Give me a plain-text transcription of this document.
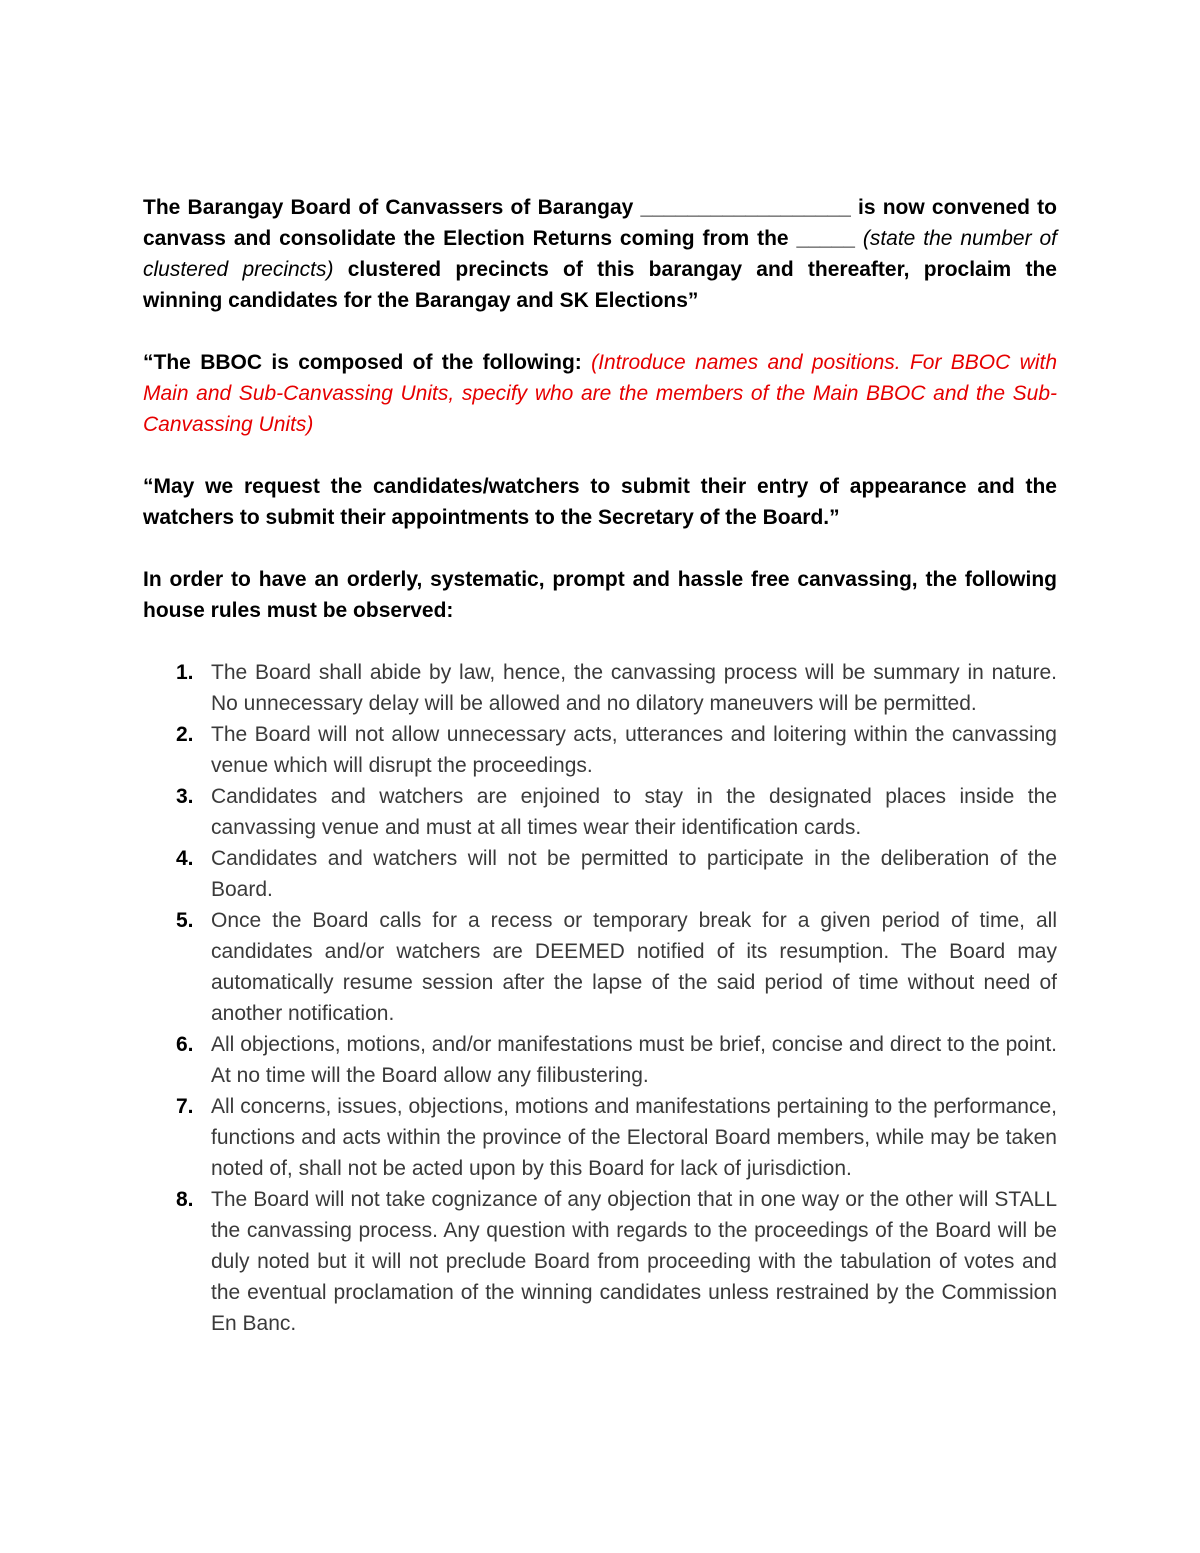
The Barangay Board of Canvassers of Barangay __________________ is now convened to canvass and consolidate the Election Returns coming from the _____ (state the number of clustered precincts) clustered precincts of this barangay and thereafter, proclaim the winning candidates for the Barangay and SK Elections”

“The BBOC is composed of the following: (Introduce names and positions. For BBOC with Main and Sub-Canvassing Units, specify who are the members of the Main BBOC and the Sub-Canvassing Units)

“May we request the candidates/watchers to submit their entry of appearance and the watchers to submit their appointments to the Secretary of the Board.”

In order to have an orderly, systematic, prompt and hassle free canvassing, the following house rules must be observed:

1. The Board shall abide by law, hence, the canvassing process will be summary in nature. No unnecessary delay will be allowed and no dilatory maneuvers will be permitted.
2. The Board will not allow unnecessary acts, utterances and loitering within the canvassing venue which will disrupt the proceedings.
3. Candidates and watchers are enjoined to stay in the designated places inside the canvassing venue and must at all times wear their identification cards.
4. Candidates and watchers will not be permitted to participate in the deliberation of the Board.
5. Once the Board calls for a recess or temporary break for a given period of time, all candidates and/or watchers are DEEMED notified of its resumption. The Board may automatically resume session after the lapse of the said period of time without need of another notification.
6. All objections, motions, and/or manifestations must be brief, concise and direct to the point. At no time will the Board allow any filibustering.
7. All concerns, issues, objections, motions and manifestations pertaining to the performance, functions and acts within the province of the Electoral Board members, while may be taken noted of, shall not be acted upon by this Board for lack of jurisdiction.
8. The Board will not take cognizance of any objection that in one way or the other will STALL the canvassing process. Any question with regards to the proceedings of the Board will be duly noted but it will not preclude Board from proceeding with the tabulation of votes and the eventual proclamation of the winning candidates unless restrained by the Commission En Banc.
